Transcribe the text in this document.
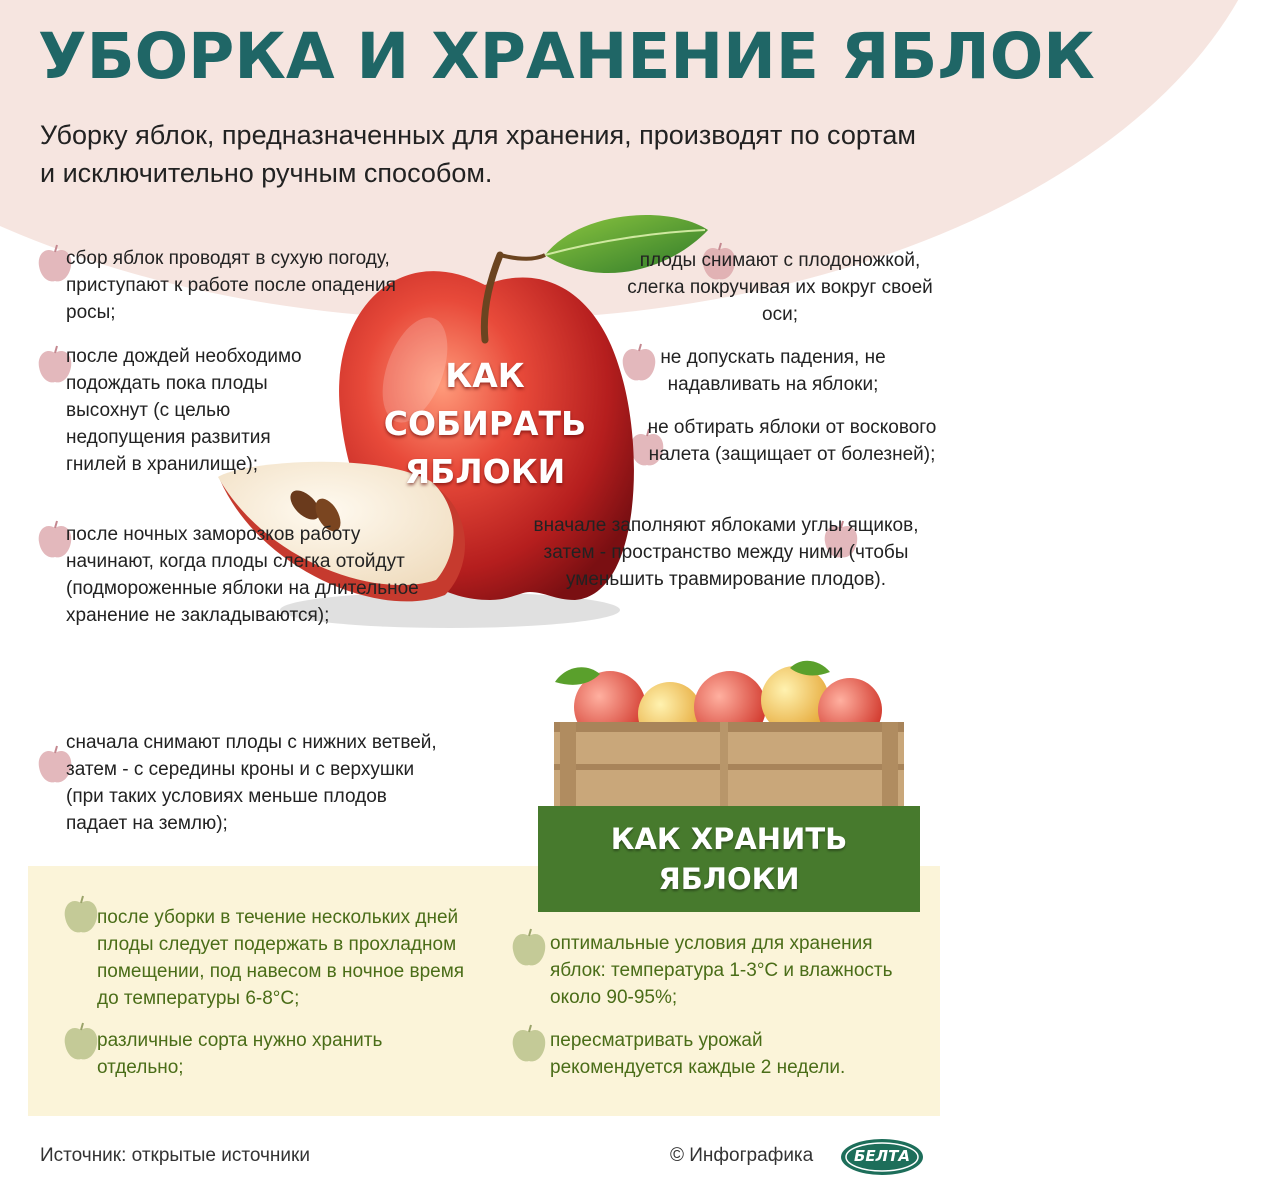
УБОРКА И ХРАНЕНИЕ ЯБЛОК

Уборку яблок, предназначенных для хранения, производят по сортам и исключительно ручным способом.

КАК СОБИРАТЬ ЯБЛОКИ

сбор яблок проводят в сухую погоду, приступают к работе после опадения росы;

после дождей необходимо подождать пока плоды высохнут (с целью недопущения развития гнилей в хранилище);

после ночных заморозков работу начинают, когда плоды слегка отойдут (подмороженные яблоки на длительное хранение не закладываются);

сначала снимают плоды с нижних ветвей, затем - с середины кроны и с верхушки (при таких условиях меньше плодов падает на землю);

плоды снимают с плодоножкой, слегка покручивая их вокруг своей оси;

не допускать падения, не надавливать на яблоки;

не обтирать яблоки от воскового налета (защищает от болезней);

вначале заполняют яблоками углы ящиков, затем - пространство между ними (чтобы уменьшить травмирование плодов).

КАК ХРАНИТЬ ЯБЛОКИ

после уборки в течение нескольких дней плоды следует подержать в прохладном помещении, под навесом в ночное время до температуры 6-8°С;

различные сорта нужно хранить отдельно;

оптимальные условия для хранения яблок: температура 1-3°С и влажность около 90-95%;

пересматривать урожай рекомендуется каждые 2 недели.

Источник: открытые источники	© Инфографика	БЕЛТА
